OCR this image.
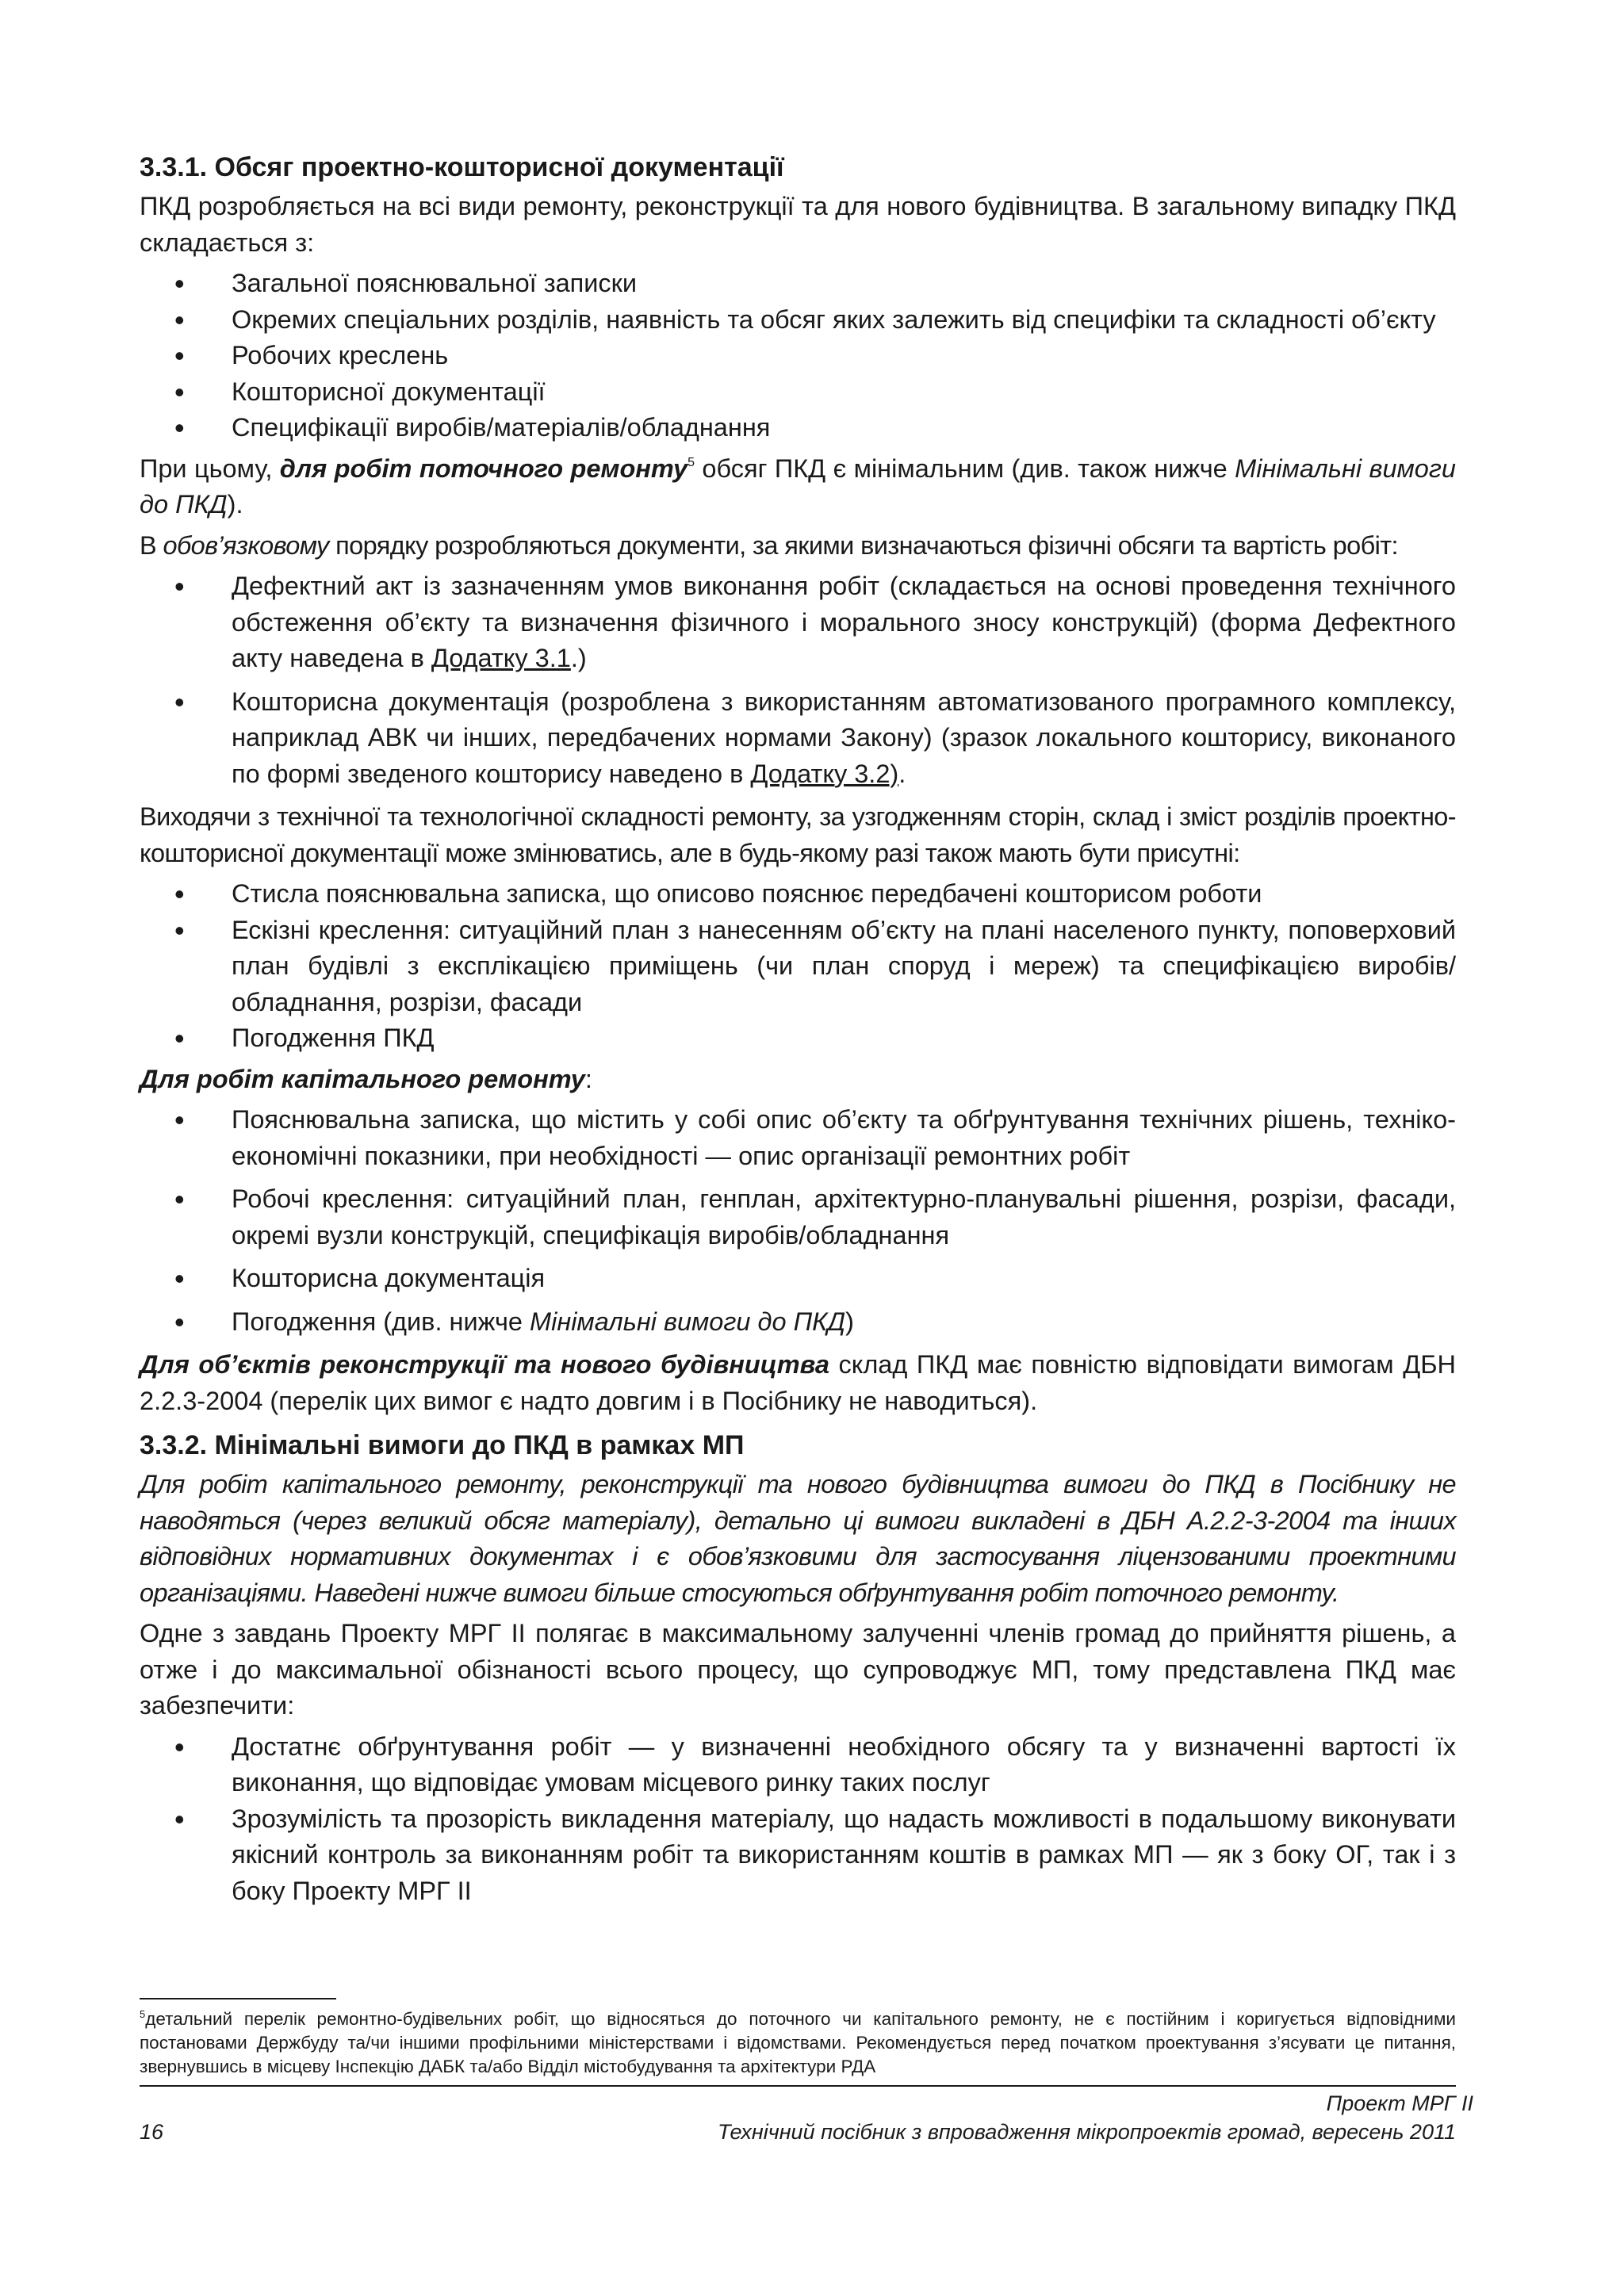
3.3.1. Обсяг проектно-кошторисної документації

ПКД розробляється на всі види ремонту, реконструкції та для нового будівництва. В загальному випадку ПКД складається з:

• Загальної пояснювальної записки
• Окремих спеціальних розділів, наявність та обсяг яких залежить від специфіки та складності об’єкту
• Робочих креслень
• Кошторисної документації
• Специфікації виробів/матеріалів/обладнання

При цьому, для робіт поточного ремонту$^5$ обсяг ПКД є мінімальним (див. також нижче Мінімальні вимоги до ПКД).

В обов’язковому порядку розробляються документи, за якими визначаються фізичні обсяги та вартість робіт:

• Дефектний акт із зазначенням умов виконання робіт (складається на основі проведення технічного обстеження об’єкту та визначення фізичного і морального зносу конструкцій) (форма Дефектного акту наведена в Додатку 3.1.)
• Кошторисна документація (розроблена з використанням автоматизованого програмного комплексу, наприклад АВК чи інших, передбачених нормами Закону) (зразок локального кошторису, виконаного по формі зведеного кошторису наведено в Додатку 3.2).

Виходячи з технічної та технологічної складності ремонту, за узгодженням сторін, склад і зміст розділів проектно-кошторисної документації може змінюватись, але в будь-якому разі також мають бути присутні:

• Стисла пояснювальна записка, що описово пояснює передбачені кошторисом роботи
• Ескізні креслення: ситуаційний план з нанесенням об’єкту на плані населеного пункту, поповерховий план будівлі з експлікацією приміщень (чи план споруд і мереж) та специфікацією виробів/обладнання, розрізи, фасади
• Погодження ПКД

Для робіт капітального ремонту:

• Пояснювальна записка, що містить у собі опис об’єкту та обґрунтування технічних рішень, техніко-економічні показники, при необхідності — опис організації ремонтних робіт
• Робочі креслення: ситуаційний план, генплан, архітектурно-планувальні рішення, розрізи, фасади, окремі вузли конструкцій, специфікація виробів/обладнання
• Кошторисна документація
• Погодження (див. нижче Мінімальні вимоги до ПКД)

Для об’єктів реконструкції та нового будівництва склад ПКД має повністю відповідати вимогам ДБН 2.2.3-2004 (перелік цих вимог є надто довгим і в Посібнику не наводиться).

3.3.2. Мінімальні вимоги до ПКД в рамках МП

Для робіт капітального ремонту, реконструкції та нового будівництва вимоги до ПКД в Посібнику не наводяться (через великий обсяг матеріалу), детально ці вимоги викладені в ДБН А.2.2-3-2004 та інших відповідних нормативних документах і є обов’язковими для застосування ліцензованими проектними організаціями. Наведені нижче вимоги більше стосуються обґрунтування робіт поточного ремонту.

Одне з завдань Проекту МРГ ІІ полягає в максимальному залученні членів громад до прийняття рішень, а отже і до максимальної обізнаності всього процесу, що супроводжує МП, тому представлена ПКД має забезпечити:

• Достатнє обґрунтування робіт — у визначенні необхідного обсягу та у визначенні вартості їх виконання, що відповідає умовам місцевого ринку таких послуг
• Зрозумілість та прозорість викладення матеріалу, що надасть можливості в подальшому виконувати якісний контроль за виконанням робіт та використанням коштів в рамках МП — як з боку ОГ, так і з боку Проекту МРГ ІІ
$^5$детальний перелік ремонтно-будівельних робіт, що відносяться до поточного чи капітального ремонту, не є постійним і коригується відповідними постановами Держбуду та/чи іншими профільними міністерствами і відомствами. Рекомендується перед початком проектування з’ясувати це питання, звернувшись в місцеву Інспекцію ДАБК та/або Відділ містобудування та архітектури РДА
Проект МРГ ІІ
16	Технічний посібник з впровадження мікропроектів громад, вересень 2011
